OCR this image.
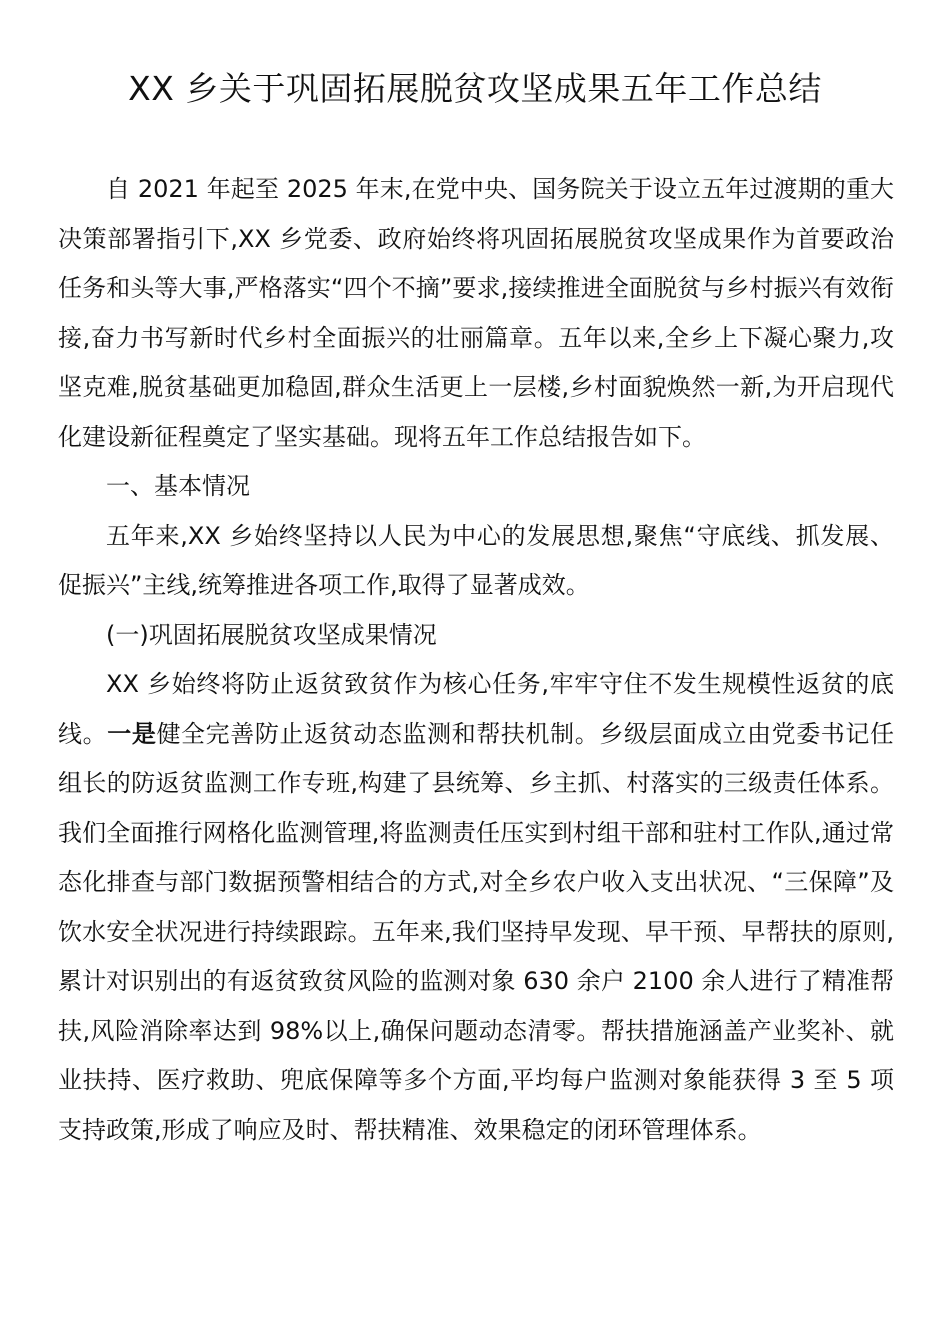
XX 乡关于巩固拓展脱贫攻坚成果五年工作总结

自 2021 年起至 2025 年末,在党中央、国务院关于设立五年过渡期的重大决策部署指引下,XX 乡党委、政府始终将巩固拓展脱贫攻坚成果作为首要政治任务和头等大事,严格落实“四个不摘”要求,接续推进全面脱贫与乡村振兴有效衔接,奋力书写新时代乡村全面振兴的壮丽篇章。五年以来,全乡上下凝心聚力,攻坚克难,脱贫基础更加稳固,群众生活更上一层楼,乡村面貌焕然一新,为开启现代化建设新征程奠定了坚实基础。现将五年工作总结报告如下。

一、基本情况

五年来,XX 乡始终坚持以人民为中心的发展思想,聚焦“守底线、抓发展、促振兴”主线,统筹推进各项工作,取得了显著成效。

(一)巩固拓展脱贫攻坚成果情况

XX 乡始终将防止返贫致贫作为核心任务,牢牢守住不发生规模性返贫的底线。一是健全完善防止返贫动态监测和帮扶机制。乡级层面成立由党委书记任组长的防返贫监测工作专班,构建了县统筹、乡主抓、村落实的三级责任体系。我们全面推行网格化监测管理,将监测责任压实到村组干部和驻村工作队,通过常态化排查与部门数据预警相结合的方式,对全乡农户收入支出状况、“三保障”及饮水安全状况进行持续跟踪。五年来,我们坚持早发现、早干预、早帮扶的原则,累计对识别出的有返贫致贫风险的监测对象 630 余户 2100 余人进行了精准帮扶,风险消除率达到 98%以上,确保问题动态清零。帮扶措施涵盖产业奖补、就业扶持、医疗救助、兜底保障等多个方面,平均每户监测对象能获得 3 至 5 项支持政策,形成了响应及时、帮扶精准、效果稳定的闭环管理体系。
